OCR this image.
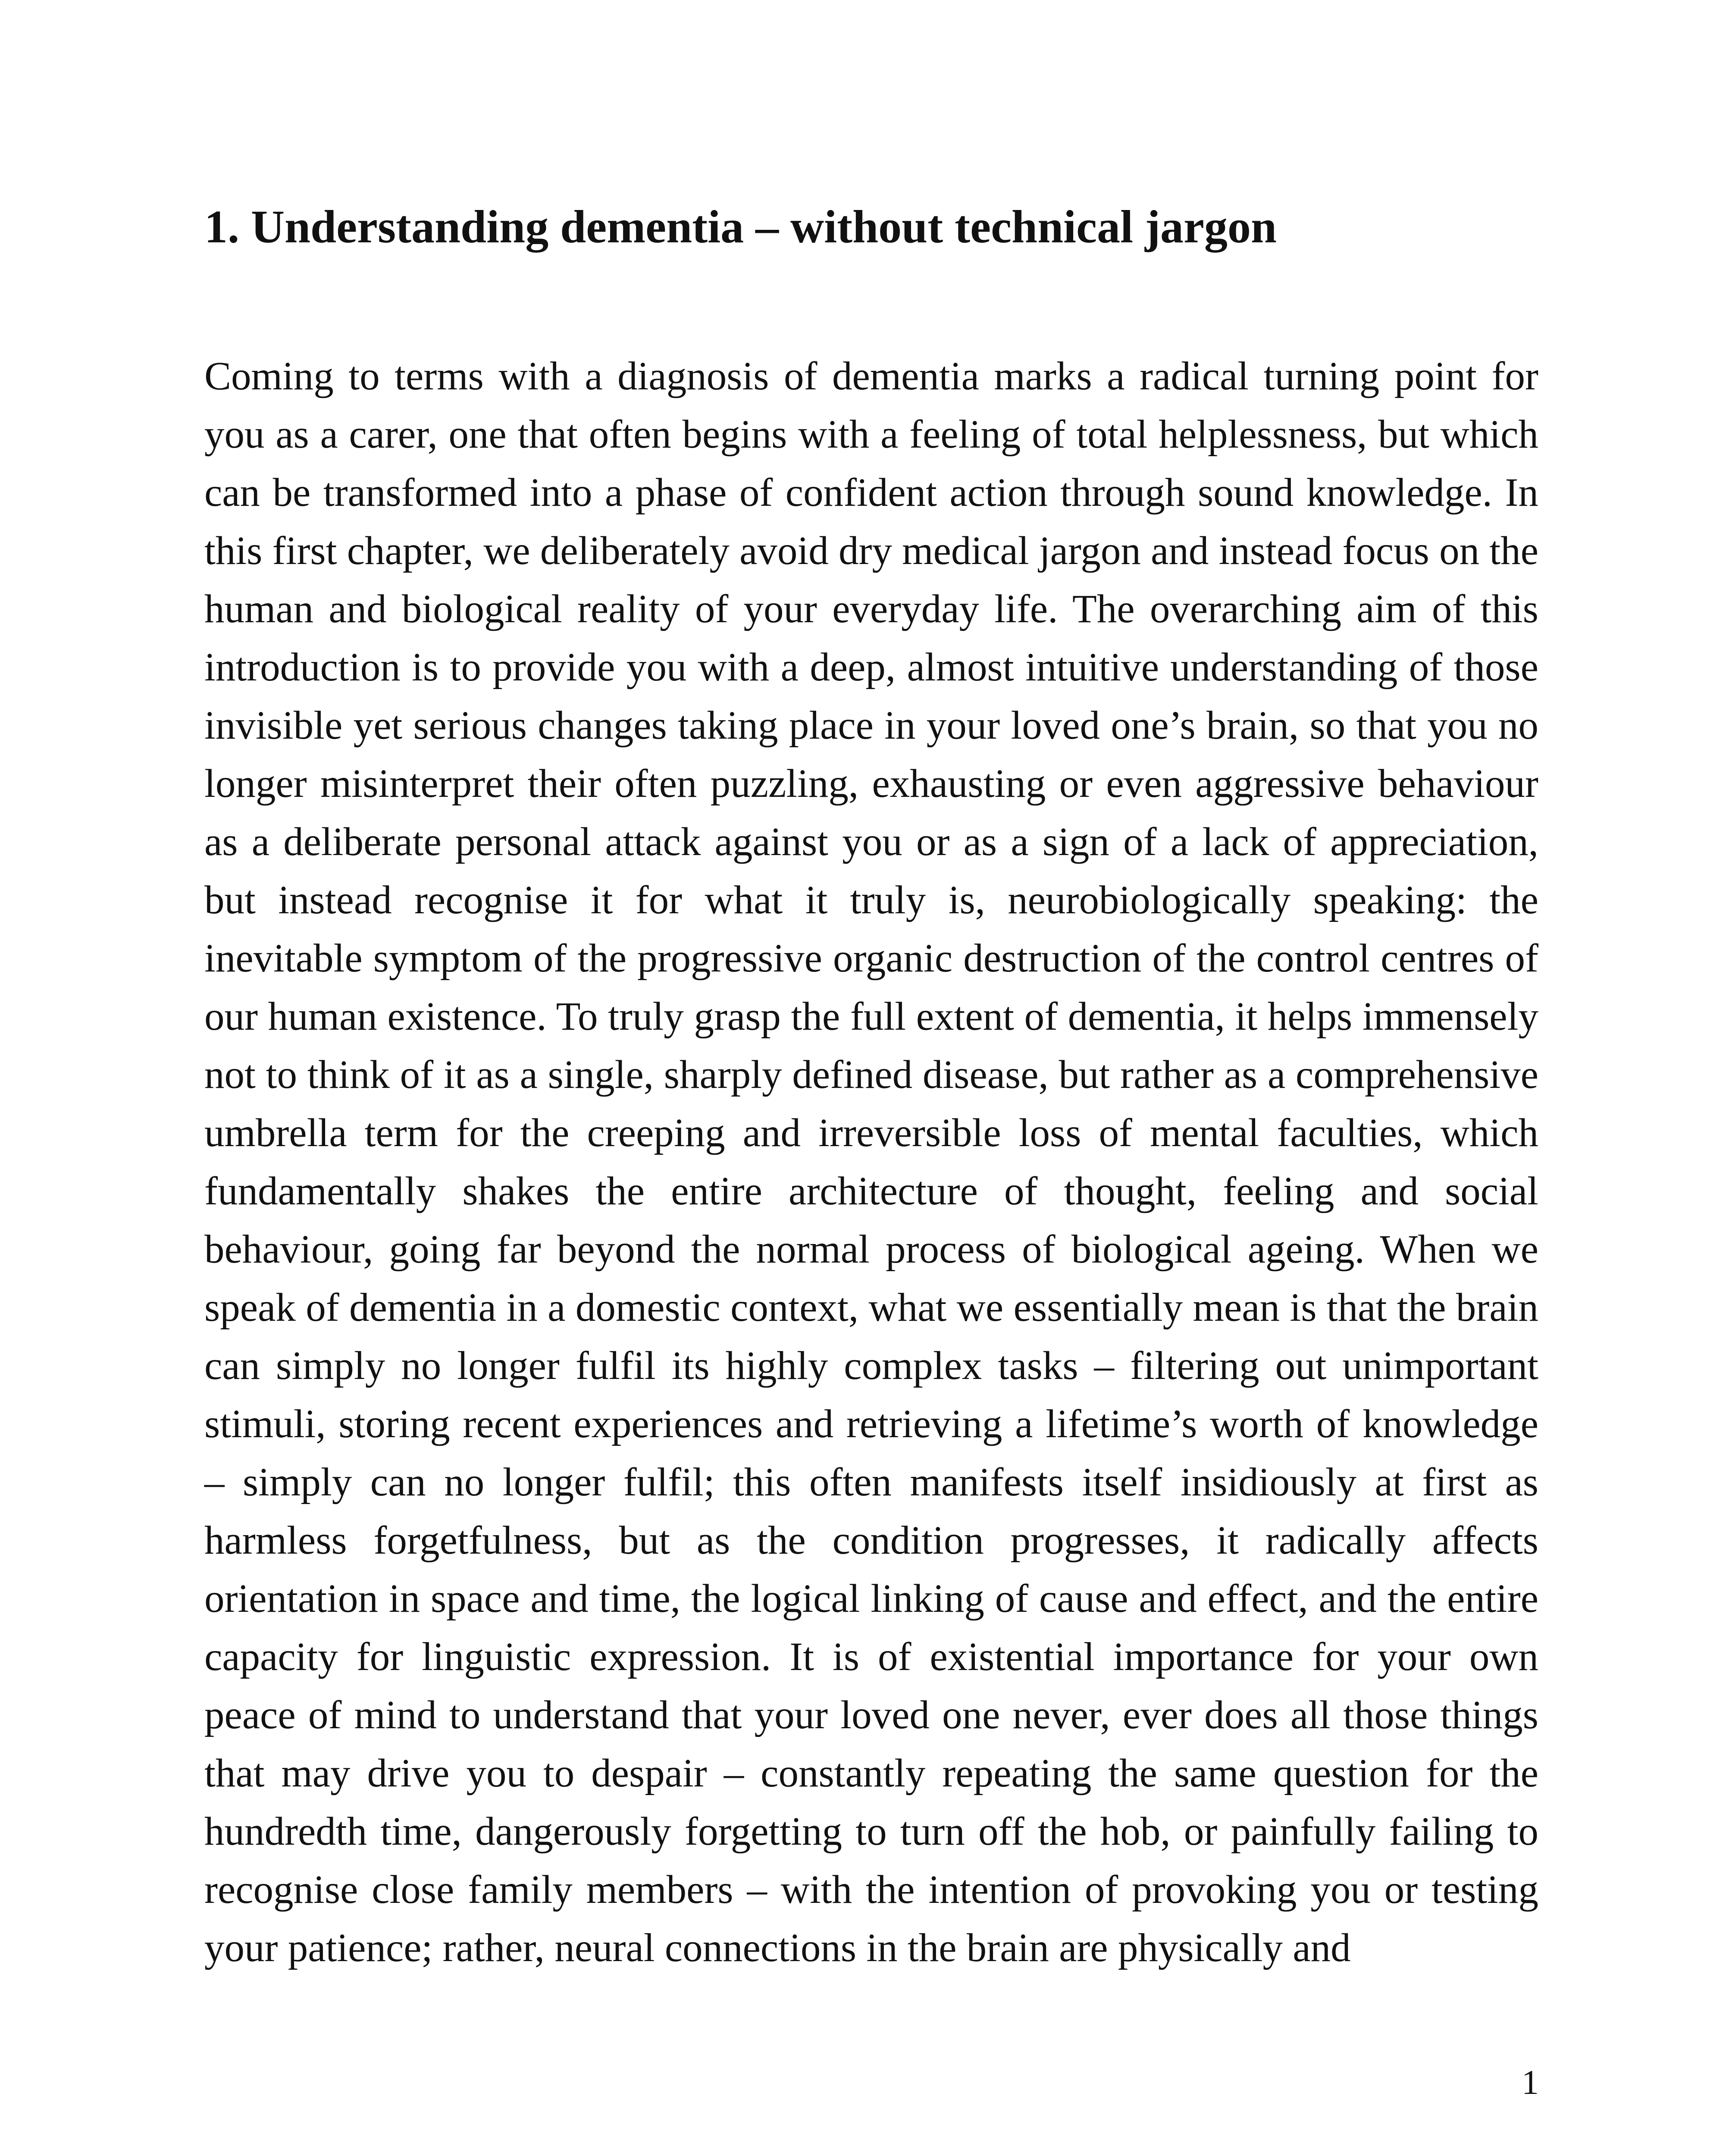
1. Understanding dementia – without technical jargon

Coming to terms with a diagnosis of dementia marks a radical turning point for you as a carer, one that often begins with a feeling of total helplessness, but which can be transformed into a phase of confident action through sound knowledge. In this first chapter, we deliberately avoid dry medical jargon and instead focus on the human and biological reality of your everyday life. The overarching aim of this introduction is to provide you with a deep, almost intuitive understanding of those invisible yet serious changes taking place in your loved one’s brain, so that you no longer misinterpret their often puzzling, exhausting or even aggressive behaviour as a deliberate personal attack against you or as a sign of a lack of appreciation, but instead recognise it for what it truly is, neurobiologically speaking: the inevitable symptom of the progressive organic destruction of the control centres of our human existence. To truly grasp the full extent of dementia, it helps immensely not to think of it as a single, sharply defined disease, but rather as a comprehensive umbrella term for the creeping and irreversible loss of mental faculties, which fundamentally shakes the entire architecture of thought, feeling and social behaviour, going far beyond the normal process of biological ageing. When we speak of dementia in a domestic context, what we essentially mean is that the brain can simply no longer fulfil its highly complex tasks – filtering out unimportant stimuli, storing recent experiences and retrieving a lifetime’s worth of knowledge – simply can no longer fulfil; this often manifests itself insidiously at first as harmless forgetfulness, but as the condition progresses, it radically affects orientation in space and time, the logical linking of cause and effect, and the entire capacity for linguistic expression. It is of existential importance for your own peace of mind to understand that your loved one never, ever does all those things that may drive you to despair – constantly repeating the same question for the hundredth time, dangerously forgetting to turn off the hob, or painfully failing to recognise close family members – with the intention of provoking you or testing your patience; rather, neural connections in the brain are physically and

1
